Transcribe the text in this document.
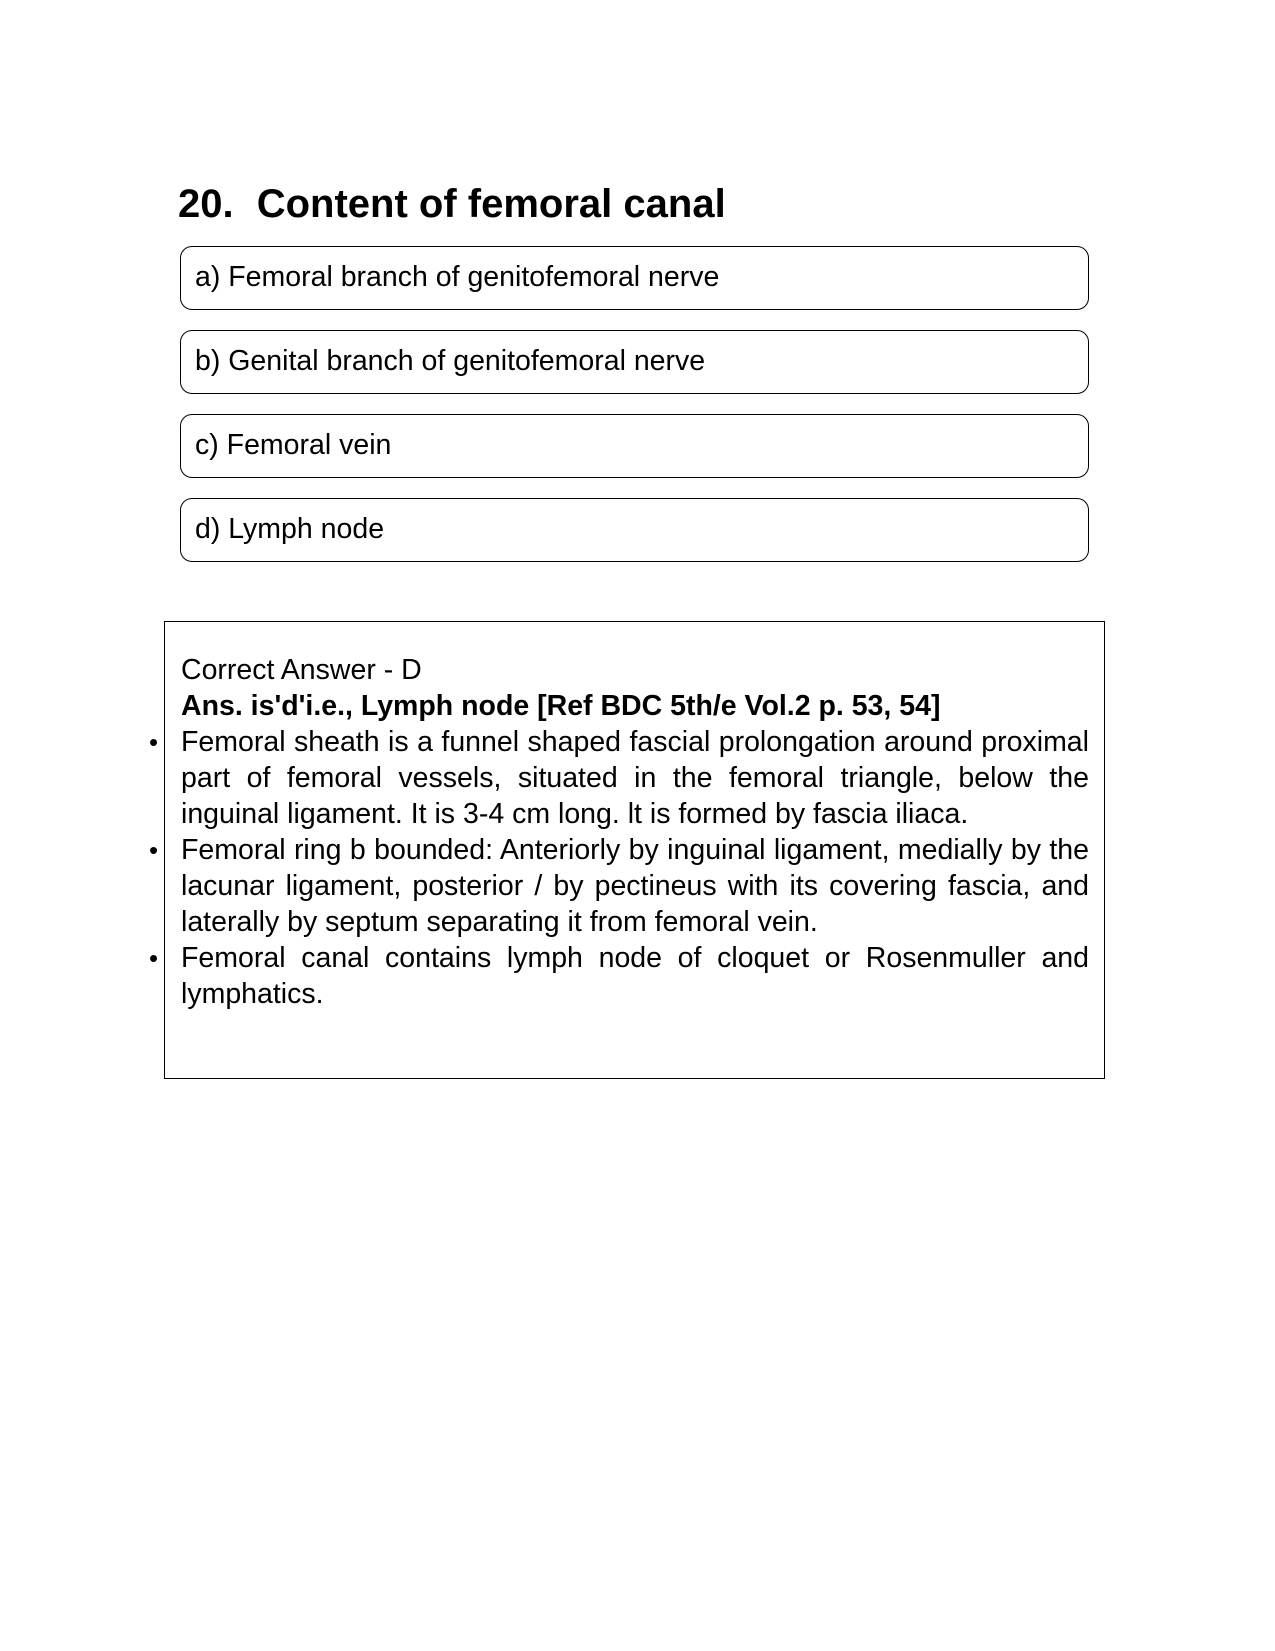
20. Content of femoral canal
a) Femoral branch of genitofemoral nerve
b) Genital branch of genitofemoral nerve
c) Femoral vein
d) Lymph node
Correct Answer - D
Ans. is'd'i.e., Lymph node [Ref BDC 5th/e Vol.2 p. 53, 54]
• Femoral sheath is a funnel shaped fascial prolongation around proximal part of femoral vessels, situated in the femoral triangle, below the inguinal ligament. It is 3-4 cm long. lt is formed by fascia iliaca.
• Femoral ring b bounded: Anteriorly by inguinal ligament, medially by the lacunar ligament, posterior / by pectineus with its covering fascia, and laterally by septum separating it from femoral vein.
• Femoral canal contains lymph node of cloquet or Rosenmuller and lymphatics.
